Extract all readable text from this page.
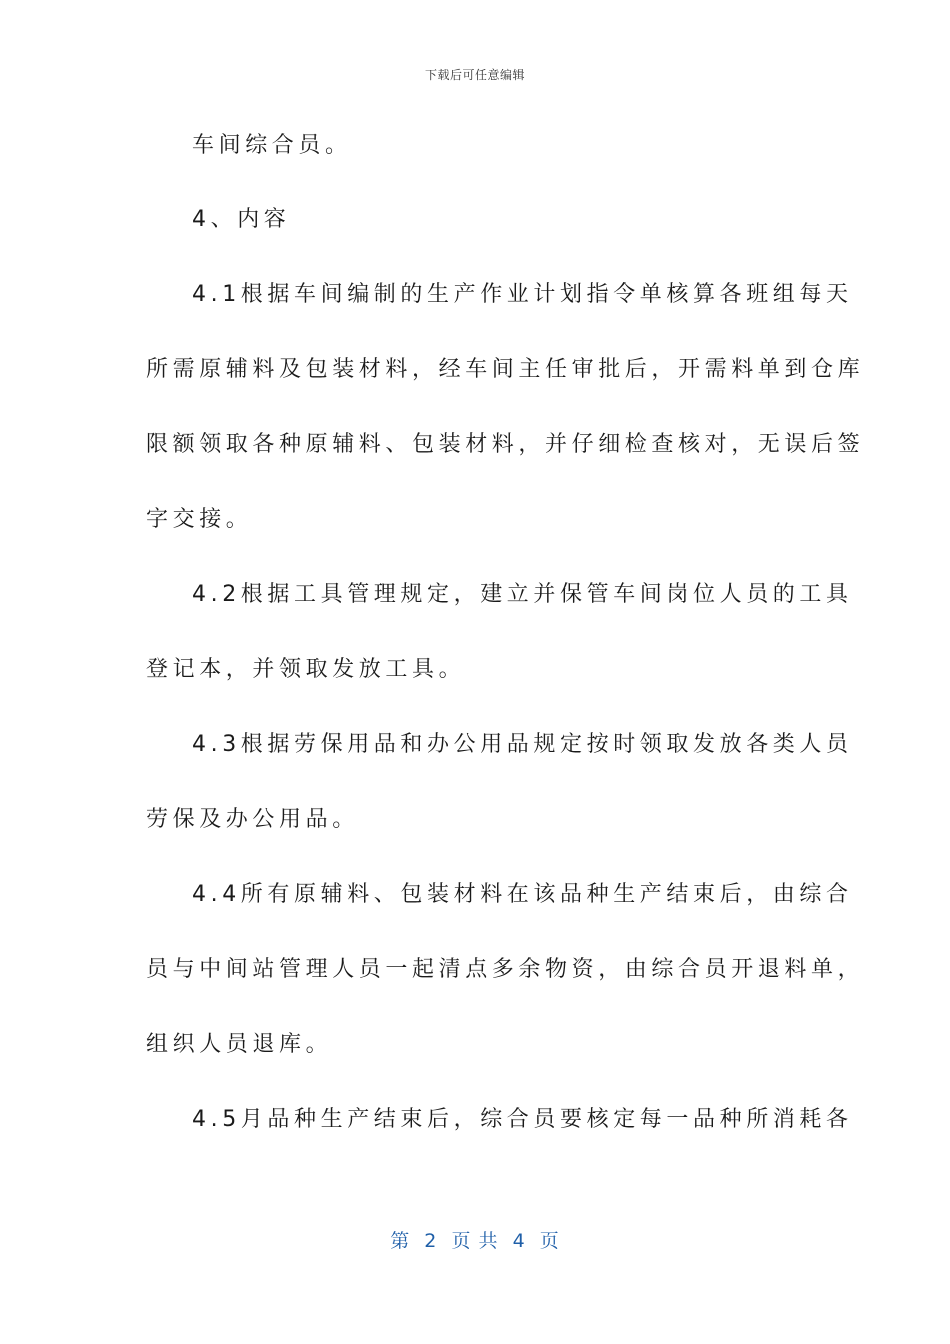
下载后可任意编辑
车间综合员。
4、内容
4.1根据车间编制的生产作业计划指令单核算各班组每天
所需原辅料及包装材料，经车间主任审批后，开需料单到仓库
限额领取各种原辅料、包装材料，并仔细检查核对，无误后签
字交接。
4.2根据工具管理规定，建立并保管车间岗位人员的工具
登记本，并领取发放工具。
4.3根据劳保用品和办公用品规定按时领取发放各类人员
劳保及办公用品。
4.4所有原辅料、包装材料在该品种生产结束后，由综合
员与中间站管理人员一起清点多余物资，由综合员开退料单，
组织人员退库。
4.5月品种生产结束后，综合员要核定每一品种所消耗各
第  2  页 共  4  页
